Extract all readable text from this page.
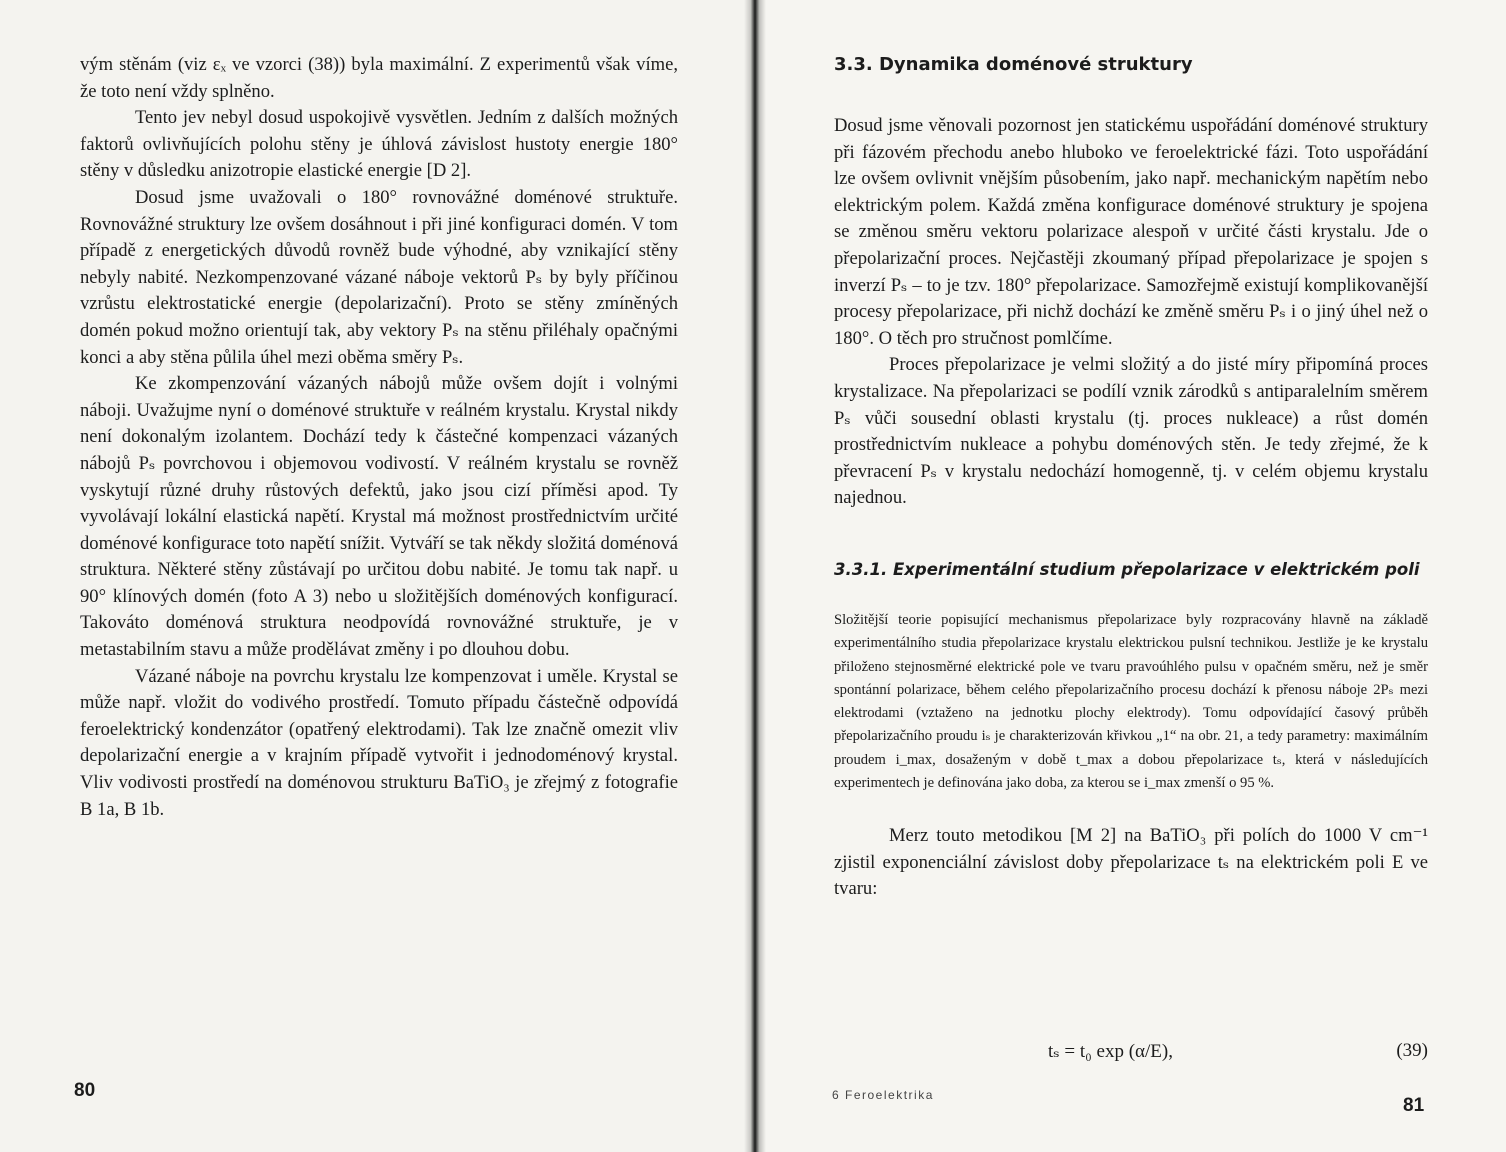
vým stěnám (viz εₓ ve vzorci (38)) byla maximální. Z experimentů však víme, že toto není vždy splněno.

Tento jev nebyl dosud uspokojivě vysvětlen. Jedním z dalších možných faktorů ovlivňujících polohu stěny je úhlová závislost hustoty energie 180° stěny v důsledku anizotropie elastické energie [D 2].

Dosud jsme uvažovali o 180° rovnovážné doménové struktuře. Rovnovážné struktury lze ovšem dosáhnout i při jiné konfiguraci domén. V tom případě z energetických důvodů rovněž bude výhodné, aby vznikající stěny nebyly nabité. Nezkompenzované vázané náboje vektorů Pₛ by byly příčinou vzrůstu elektrostatické energie (depolarizační). Proto se stěny zmíněných domén pokud možno orientují tak, aby vektory Pₛ na stěnu přiléhaly opačnými konci a aby stěna půlila úhel mezi oběma směry Pₛ.

Ke zkompenzování vázaných nábojů může ovšem dojít i volnými náboji. Uvažujme nyní o doménové struktuře v reálném krystalu. Krystal nikdy není dokonalým izolantem. Dochází tedy k částečné kompenzaci vázaných nábojů Pₛ povrchovou i objemovou vodivostí. V reálném krystalu se rovněž vyskytují různé druhy růstových defektů, jako jsou cizí příměsi apod. Ty vyvolávají lokální elastická napětí. Krystal má možnost prostřednictvím určité doménové konfigurace toto napětí snížit. Vytváří se tak někdy složitá doménová struktura. Některé stěny zůstávají po určitou dobu nabité. Je tomu tak např. u 90° klínových domén (foto A 3) nebo u složitějších doménových konfigurací. Takováto doménová struktura neodpovídá rovnovážné struktuře, je v metastabilním stavu a může prodělávat změny i po dlouhou dobu.

Vázané náboje na povrchu krystalu lze kompenzovat i uměle. Krystal se může např. vložit do vodivého prostředí. Tomuto případu částečně odpovídá feroelektrický kondenzátor (opatřený elektrodami). Tak lze značně omezit vliv depolarizační energie a v krajním případě vytvořit i jednodoménový krystal. Vliv vodivosti prostředí na doménovou strukturu BaTiO₃ je zřejmý z fotografie B 1a, B 1b.

80
3.3. Dynamika doménové struktury

Dosud jsme věnovali pozornost jen statickému uspořádání doménové struktury při fázovém přechodu anebo hluboko ve feroelektrické fázi. Toto uspořádání lze ovšem ovlivnit vnějším působením, jako např. mechanickým napětím nebo elektrickým polem. Každá změna konfigurace doménové struktury je spojena se změnou směru vektoru polarizace alespoň v určité části krystalu. Jde o přepolarizační proces. Nejčastěji zkoumaný případ přepolarizace je spojen s inverzí Pₛ – to je tzv. 180° přepolarizace. Samozřejmě existují komplikovanější procesy přepolarizace, při nichž dochází ke změně směru Pₛ i o jiný úhel než o 180°. O těch pro stručnost pomlčíme.

Proces přepolarizace je velmi složitý a do jisté míry připomíná proces krystalizace. Na přepolarizaci se podílí vznik zárodků s antiparalelním směrem Pₛ vůči sousední oblasti krystalu (tj. proces nukleace) a růst domén prostřednictvím nukleace a pohybu doménových stěn. Je tedy zřejmé, že k převracení Pₛ v krystalu nedochází homogenně, tj. v celém objemu krystalu najednou.

3.3.1. Experimentální studium přepolarizace v elektrickém poli

Složitější teorie popisující mechanismus přepolarizace byly rozpracovány hlavně na základě experimentálního studia přepolarizace krystalu elektrickou pulsní technikou. Jestliže je ke krystalu přiloženo stejnosměrné elektrické pole ve tvaru pravoúhlého pulsu v opačném směru, než je směr spontánní polarizace, během celého přepolarizačního procesu dochází k přenosu náboje 2Pₛ mezi elektrodami (vztaženo na jednotku plochy elektrody). Tomu odpovídající časový průběh přepolarizačního proudu iₛ je charakterizován křivkou „1“ na obr. 21, a tedy parametry: maximálním proudem i_max, dosaženým v době t_max a dobou přepolarizace tₛ, která v následujících experimentech je definována jako doba, za kterou se i_max zmenší o 95 %.

Merz touto metodikou [M 2] na BaTiO₃ při polích do 1000 V cm⁻¹ zjistil exponenciální závislost doby přepolarizace tₛ na elektrickém poli E ve tvaru:

tₛ = t₀ exp (α/E),	(39)
6 Feroelektrika	81
